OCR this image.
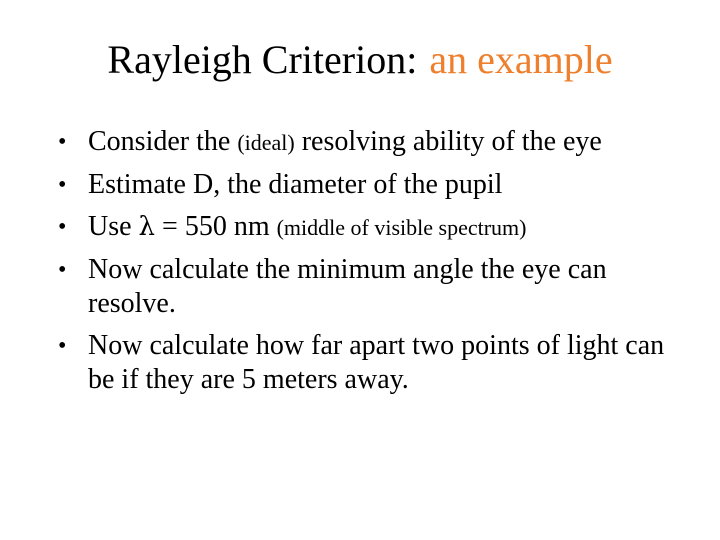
Rayleigh Criterion: an example
• Consider the (ideal) resolving ability of the eye
• Estimate D, the diameter of the pupil
• Use λ = 550 nm (middle of visible spectrum)
• Now calculate the minimum angle the eye can resolve.
• Now calculate how far apart two points of light can be if they are 5 meters away.
